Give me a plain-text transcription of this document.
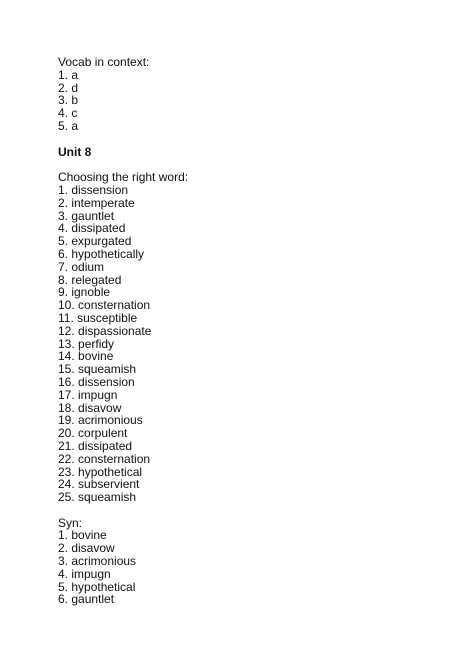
Vocab in context:
1. a
2. d
3. b
4. c
5. a
Unit 8
Choosing the right word:
1. dissension
2. intemperate
3. gauntlet
4. dissipated
5. expurgated
6. hypothetically
7. odium
8. relegated
9. ignoble
10. consternation
11. susceptible
12. dispassionate
13. perfidy
14. bovine
15. squeamish
16. dissension
17. impugn
18. disavow
19. acrimonious
20. corpulent
21. dissipated
22. consternation
23. hypothetical
24. subservient
25. squeamish
Syn:
1. bovine
2. disavow
3. acrimonious
4. impugn
5. hypothetical
6. gauntlet
